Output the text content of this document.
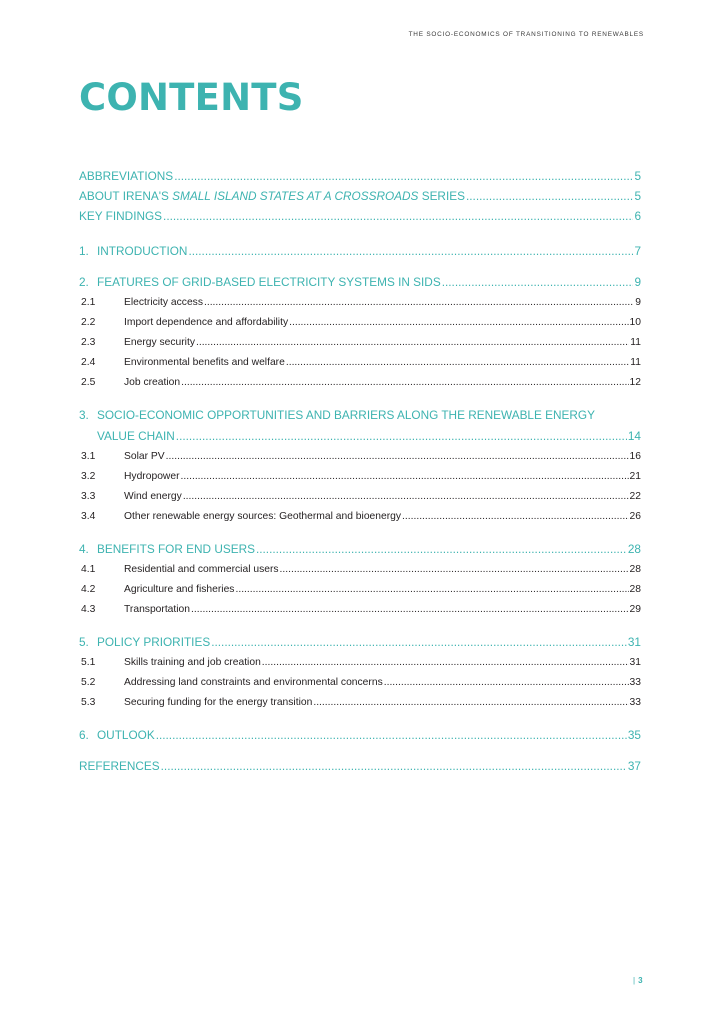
THE SOCIO-ECONOMICS OF TRANSITIONING TO RENEWABLES
CONTENTS
ABBREVIATIONS .....	5
ABOUT IRENA'S SMALL ISLAND STATES AT A CROSSROADS SERIES .....	5
KEY FINDINGS .....	6
1. INTRODUCTION .....	7
2. FEATURES OF GRID-BASED ELECTRICITY SYSTEMS IN SIDS .....	9
2.1	Electricity access .....	9
2.2	Import dependence and affordability .....	10
2.3	Energy security .....	11
2.4	Environmental benefits and welfare .....	11
2.5	Job creation .....	12
3. SOCIO-ECONOMIC OPPORTUNITIES AND BARRIERS ALONG THE RENEWABLE ENERGY
VALUE CHAIN .....	14
3.1	Solar PV .....	16
3.2	Hydropower .....	21
3.3	Wind energy .....	22
3.4	Other renewable energy sources: Geothermal and bioenergy .....	26
4. BENEFITS FOR END USERS .....	28
4.1	Residential and commercial users .....	28
4.2	Agriculture and fisheries .....	28
4.3	Transportation .....	29
5. POLICY PRIORITIES .....	31
5.1	Skills training and job creation .....	31
5.2	Addressing land constraints and environmental concerns .....	33
5.3	Securing funding for the energy transition .....	33
6. OUTLOOK .....	35
REFERENCES .....	37
| 3
